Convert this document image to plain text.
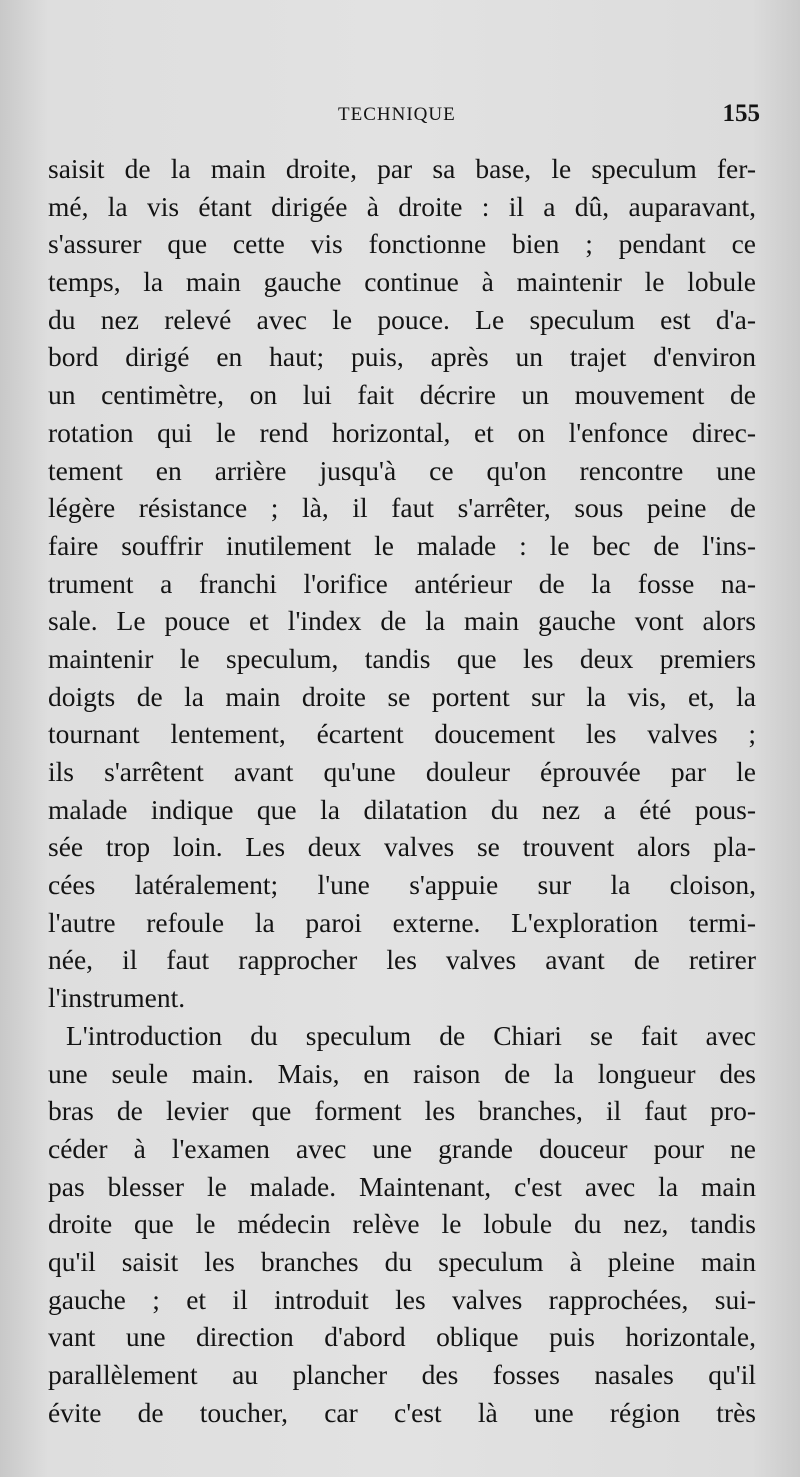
TECHNIQUE	155
saisit de la main droite, par sa base, le speculum fer-
mé, la vis étant dirigée à droite : il a dû, auparavant,
s'assurer que cette vis fonctionne bien ; pendant ce
temps, la main gauche continue à maintenir le lobule
du nez relevé avec le pouce. Le speculum est d'a-
bord dirigé en haut; puis, après un trajet d'environ
un centimètre, on lui fait décrire un mouvement de
rotation qui le rend horizontal, et on l'enfonce direc-
tement en arrière jusqu'à ce qu'on rencontre une
légère résistance ; là, il faut s'arrêter, sous peine de
faire souffrir inutilement le malade : le bec de l'ins-
trument a franchi l'orifice antérieur de la fosse na-
sale. Le pouce et l'index de la main gauche vont alors
maintenir le speculum, tandis que les deux premiers
doigts de la main droite se portent sur la vis, et, la
tournant lentement, écartent doucement les valves ;
ils s'arrêtent avant qu'une douleur éprouvée par le
malade indique que la dilatation du nez a été pous-
sée trop loin. Les deux valves se trouvent alors pla-
cées latéralement; l'une s'appuie sur la cloison,
l'autre refoule la paroi externe. L'exploration termi-
née, il faut rapprocher les valves avant de retirer
l'instrument.
L'introduction du speculum de Chiari se fait avec
une seule main. Mais, en raison de la longueur des
bras de levier que forment les branches, il faut pro-
céder à l'examen avec une grande douceur pour ne
pas blesser le malade. Maintenant, c'est avec la main
droite que le médecin relève le lobule du nez, tandis
qu'il saisit les branches du speculum à pleine main
gauche ; et il introduit les valves rapprochées, sui-
vant une direction d'abord oblique puis horizontale,
parallèlement au plancher des fosses nasales qu'il
évite de toucher, car c'est là une région très
